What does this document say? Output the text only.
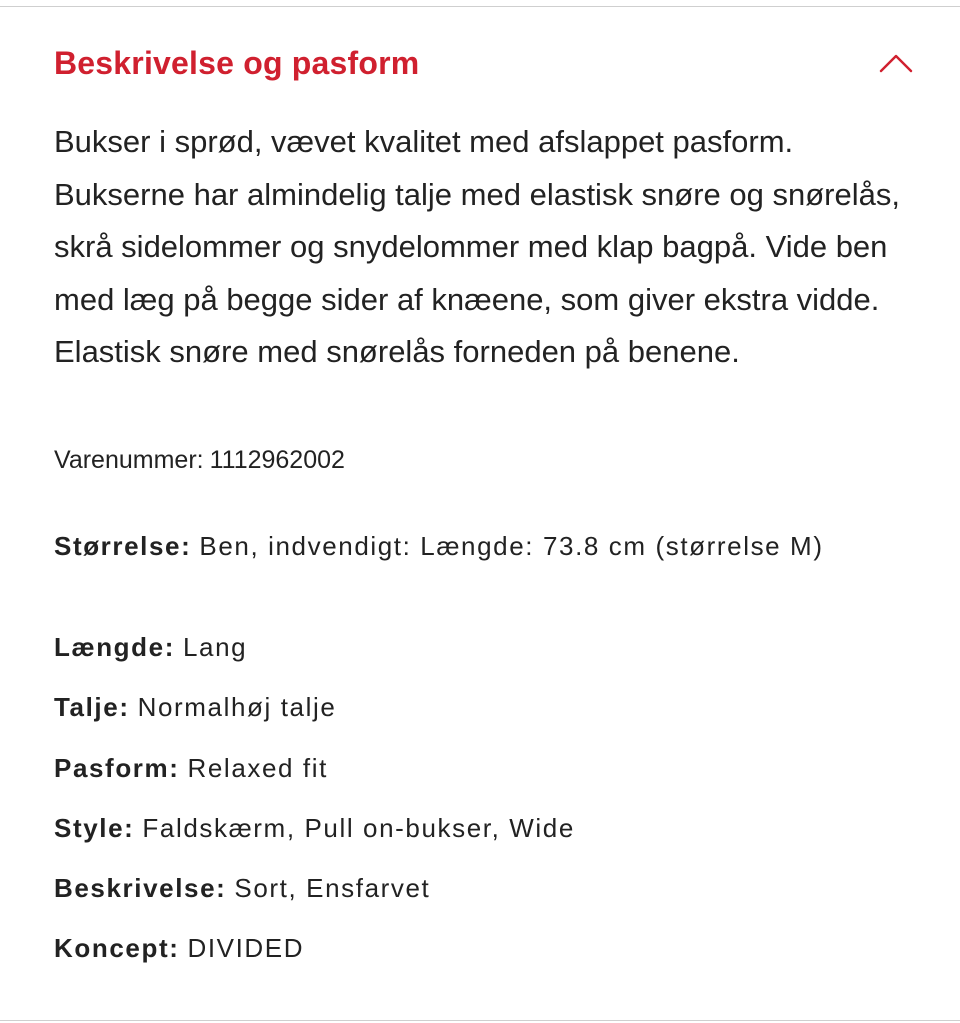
Beskrivelse og pasform

Bukser i sprød, vævet kvalitet med afslappet pasform. Bukserne har almindelig talje med elastisk snøre og snørelås, skrå sidelommer og snydelommer med klap bagpå. Vide ben med læg på begge sider af knæene, som giver ekstra vidde. Elastisk snøre med snørelås forneden på benene.

Varenummer: 1112962002
Størrelse: Ben, indvendigt: Længde: 73.8 cm (størrelse M)
Længde: Lang
Talje: Normalhøj talje
Pasform: Relaxed fit
Style: Faldskærm, Pull on-bukser, Wide
Beskrivelse: Sort, Ensfarvet
Koncept: DIVIDED
